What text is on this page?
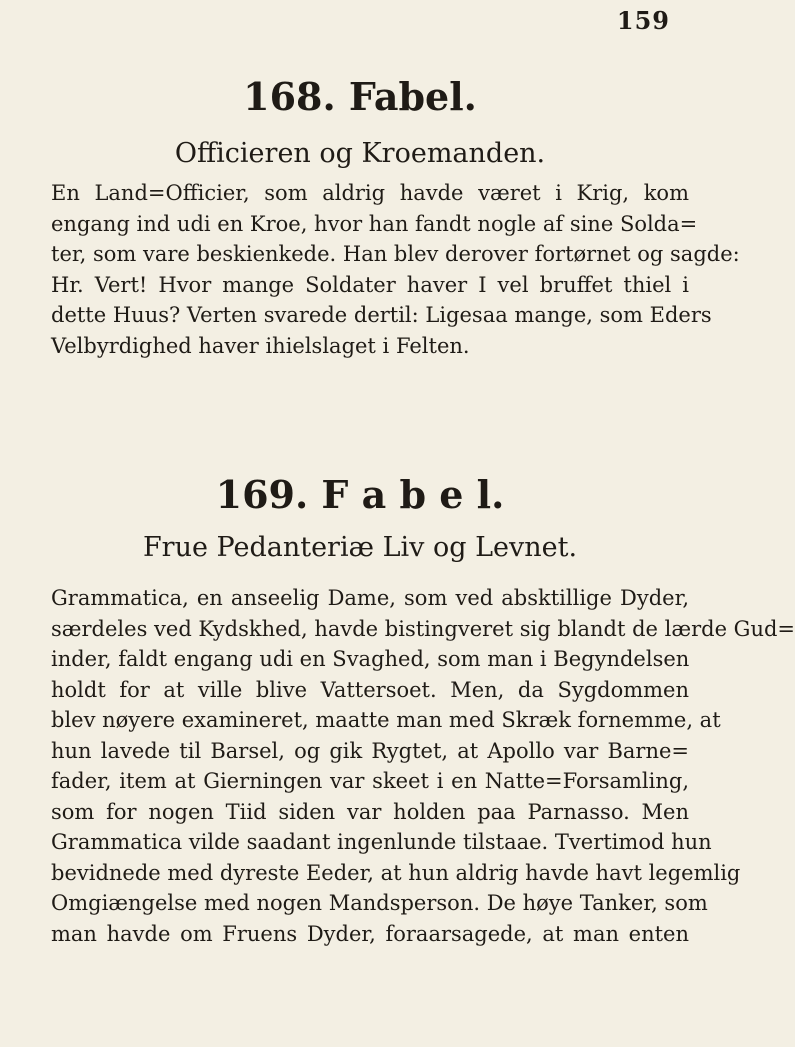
159
168. Fabel.
Officieren og Kroemanden.
En Land=Officier, som aldrig havde været i Krig, kom
engang ind udi en Kroe, hvor han fandt nogle af sine Solda=
ter, som vare beskienkede. Han blev derover fortørnet og sagde:
Hr. Vert! Hvor mange Soldater haver I vel bruffet thiel i
dette Huus? Verten svarede dertil: Ligesaa mange, som Eders
Velbyrdighed haver ihielslaget i Felten.
169. F a b e l.
Frue Pedanteriæ Liv og Levnet.
Grammatica, en anseelig Dame, som ved absktillige Dyder,
særdeles ved Kydskhed, havde bistingveret sig blandt de lærde Gud=
inder, faldt engang udi en Svaghed, som man i Begyndelsen
holdt for at ville blive Vattersoet. Men, da Sygdommen
blev nøyere examineret, maatte man med Skræk fornemme, at
hun lavede til Barsel, og gik Rygtet, at Apollo var Barne=
fader, item at Gierningen var skeet i en Natte=Forsamling,
som for nogen Tiid siden var holden paa Parnasso. Men
Grammatica vilde saadant ingenlunde tilstaae. Tvertimod hun
bevidnede med dyreste Eeder, at hun aldrig havde havt legemlig
Omgiængelse med nogen Mandsperson. De høye Tanker, som
man havde om Fruens Dyder, foraarsagede, at man enten
